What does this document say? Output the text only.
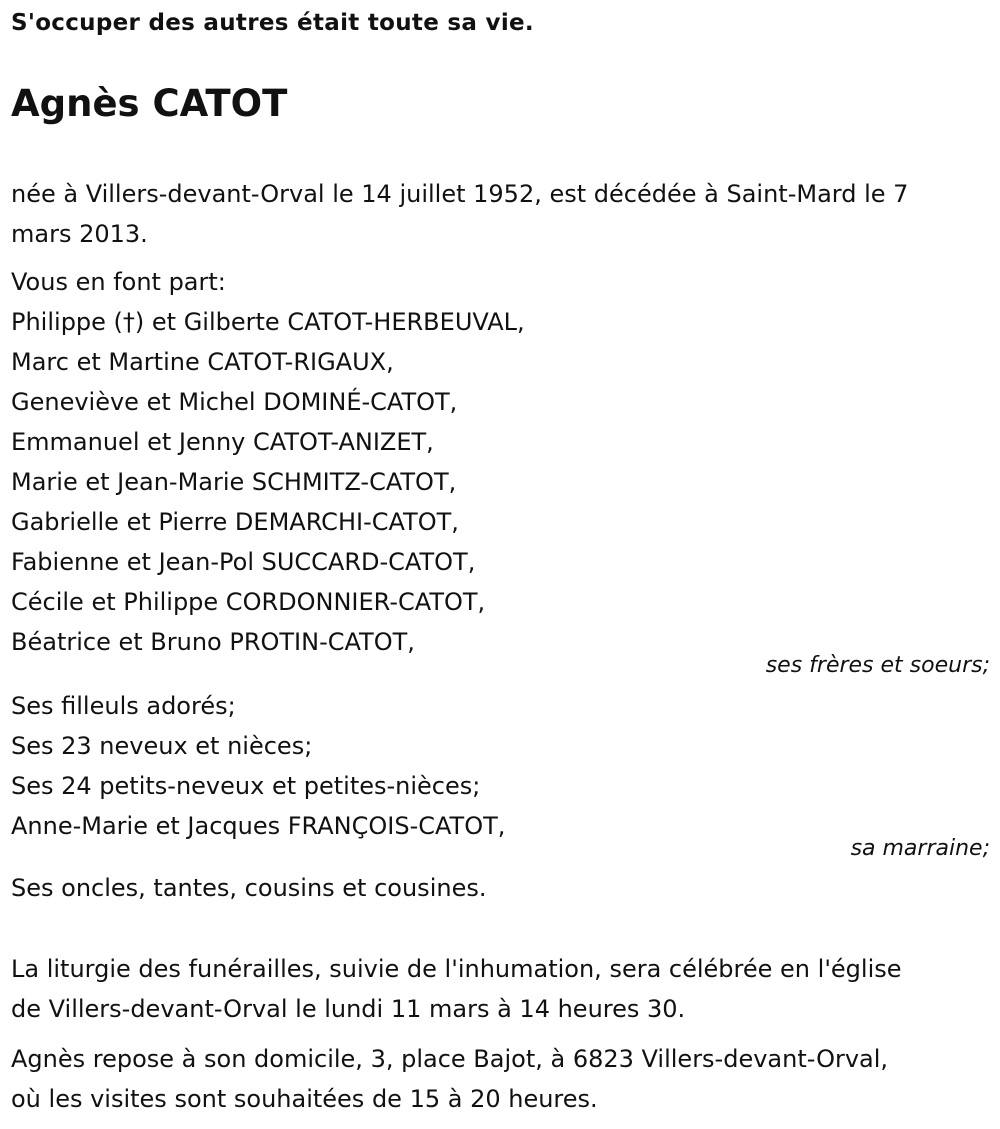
S'occuper des autres était toute sa vie.
Agnès CATOT
née à Villers-devant-Orval le 14 juillet 1952, est décédée à Saint-Mard le 7
mars 2013.
Vous en font part:
Philippe (†) et Gilberte CATOT-HERBEUVAL,
Marc et Martine CATOT-RIGAUX,
Geneviève et Michel DOMINÉ-CATOT,
Emmanuel et Jenny CATOT-ANIZET,
Marie et Jean-Marie SCHMITZ-CATOT,
Gabrielle et Pierre DEMARCHI-CATOT,
Fabienne et Jean-Pol SUCCARD-CATOT,
Cécile et Philippe CORDONNIER-CATOT,
Béatrice et Bruno PROTIN-CATOT,
ses frères et soeurs;
Ses filleuls adorés;
Ses 23 neveux et nièces;
Ses 24 petits-neveux et petites-nièces;
Anne-Marie et Jacques FRANÇOIS-CATOT,
sa marraine;
Ses oncles, tantes, cousins et cousines.
La liturgie des funérailles, suivie de l'inhumation, sera célébrée en l'église
de Villers-devant-Orval le lundi 11 mars à 14 heures 30.
Agnès repose à son domicile, 3, place Bajot, à 6823 Villers-devant-Orval,
où les visites sont souhaitées de 15 à 20 heures.
